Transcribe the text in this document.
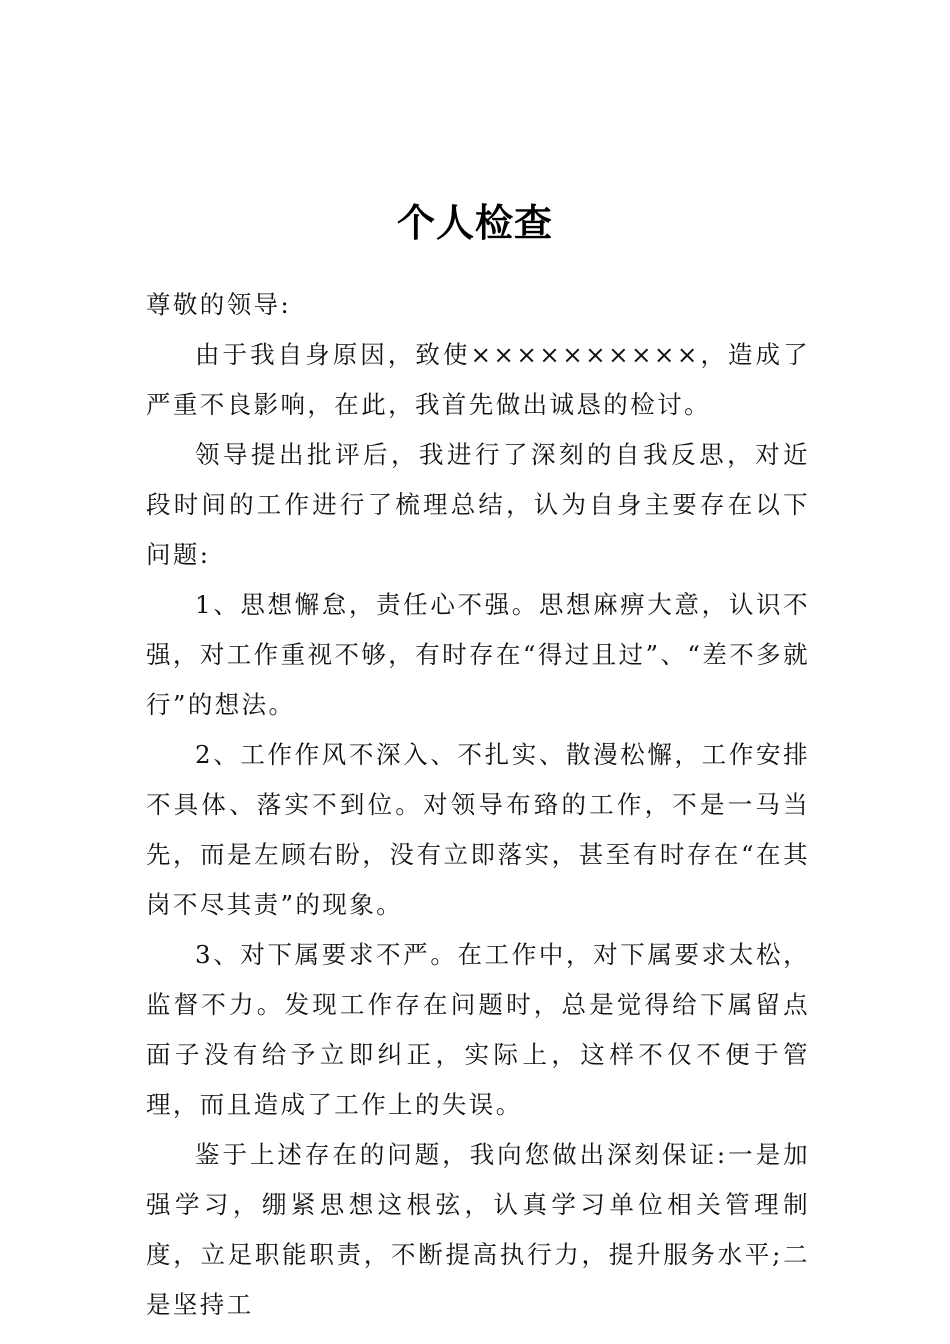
个人检查

尊敬的领导:

由于我自身原因，致使××××××××××，造成了严重不良影响，在此，我首先做出诚恳的检讨。

领导提出批评后，我进行了深刻的自我反思，对近段时间的工作进行了梳理总结，认为自身主要存在以下问题:

1、思想懈怠，责任心不强。思想麻痹大意，认识不强，对工作重视不够，有时存在“得过且过”、“差不多就行”的想法。

2、工作作风不深入、不扎实、散漫松懈，工作安排不具体、落实不到位。对领导布臵的工作，不是一马当先，而是左顾右盼，没有立即落实，甚至有时存在“在其岗不尽其责”的现象。

3、对下属要求不严。在工作中，对下属要求太松，监督不力。发现工作存在问题时，总是觉得给下属留点面子没有给予立即纠正，实际上，这样不仅不便于管理，而且造成了工作上的失误。

鉴于上述存在的问题，我向您做出深刻保证:一是加强学习，绷紧思想这根弦，认真学习单位相关管理制度，立足职能职责，不断提高执行力，提升服务水平;二是坚持工
